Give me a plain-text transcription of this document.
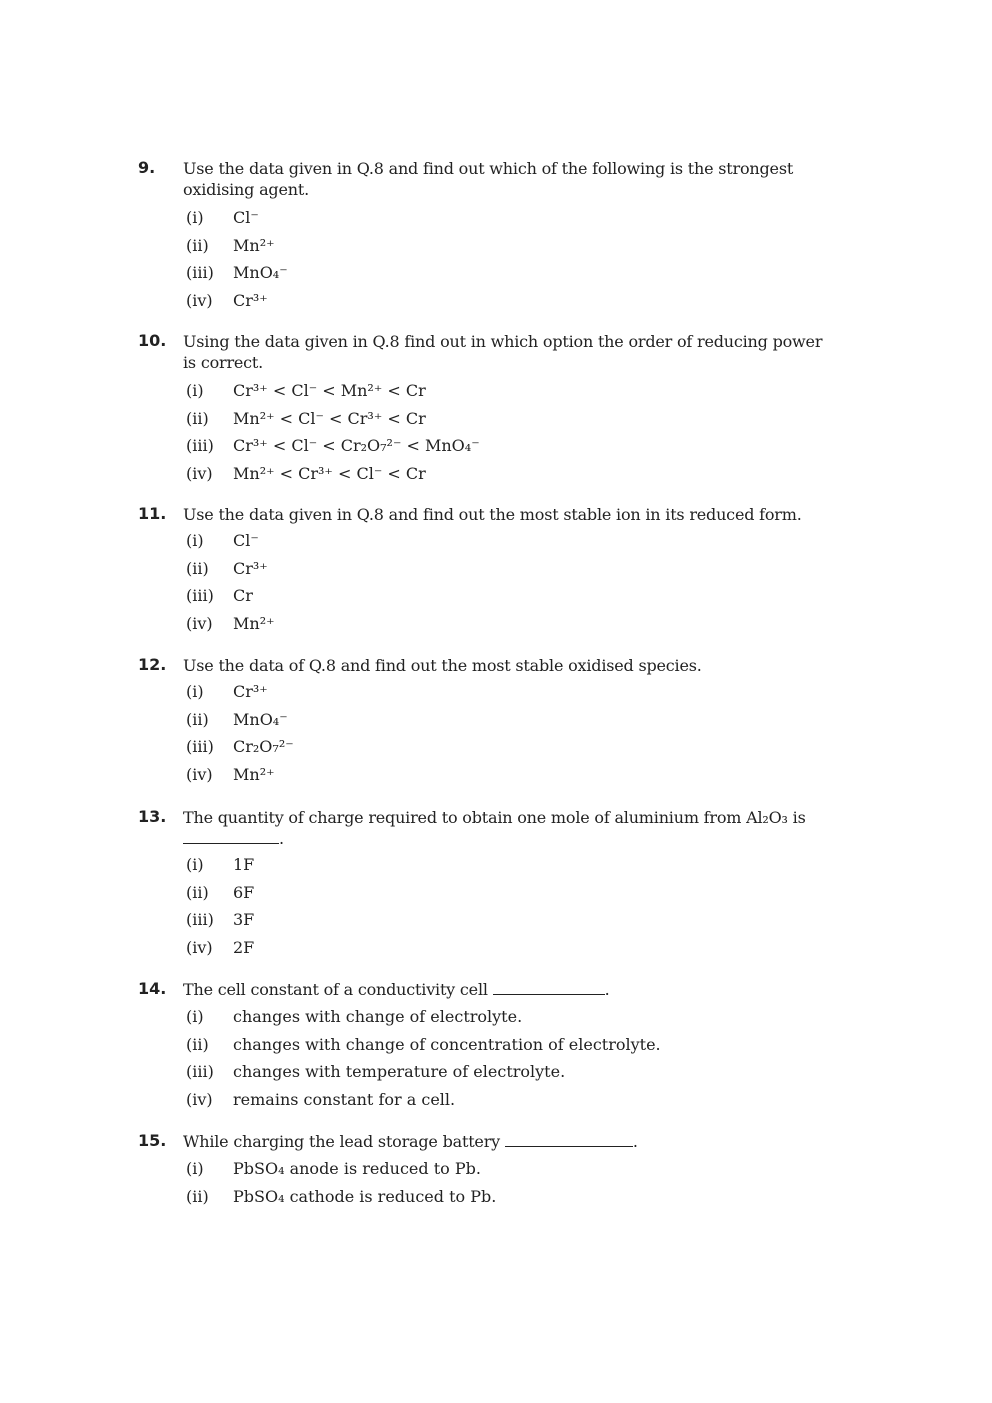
9. Use the data given in Q.8 and find out which of the following is the strongest oxidising agent.
(i)	Cl⁻
(ii)	Mn²⁺
(iii)	MnO₄⁻
(iv)	Cr³⁺
10. Using the data given in Q.8 find out in which option the order of reducing power is correct.
(i)	Cr³⁺ < Cl⁻ < Mn²⁺ < Cr
(ii)	Mn²⁺ < Cl⁻ < Cr³⁺ < Cr
(iii)	Cr³⁺ < Cl⁻ < Cr₂O₇²⁻ < MnO₄⁻
(iv)	Mn²⁺ < Cr³⁺ < Cl⁻ < Cr
11. Use the data given in Q.8 and find out the most stable ion in its reduced form.
(i)	Cl⁻
(ii)	Cr³⁺
(iii)	Cr
(iv)	Mn²⁺
12. Use the data of Q.8 and find out the most stable oxidised species.
(i)	Cr³⁺
(ii)	MnO₄⁻
(iii)	Cr₂O₇²⁻
(iv)	Mn²⁺
13. The quantity of charge required to obtain one mole of aluminium from Al₂O₃ is
.
(i)	1F
(ii)	6F
(iii)	3F
(iv)	2F
14. The cell constant of a conductivity cell	.
(i)	changes with change of electrolyte.
(ii)	changes with change of concentration of electrolyte.
(iii)	changes with temperature of electrolyte.
(iv)	remains constant for a cell.
15. While charging the lead storage battery	.
(i)	PbSO₄ anode is reduced to Pb.
(ii)	PbSO₄ cathode is reduced to Pb.
